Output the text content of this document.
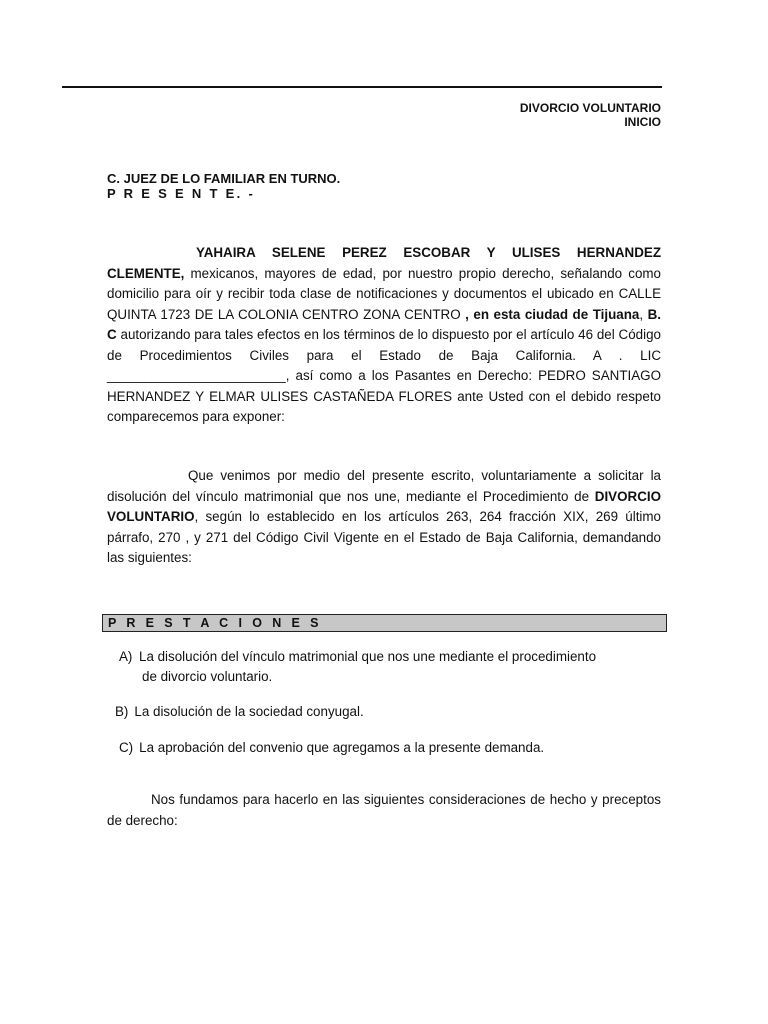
DIVORCIO VOLUNTARIO
INICIO
C. JUEZ DE LO FAMILIAR EN TURNO.
P R E S E N T E. -
YAHAIRA SELENE PEREZ ESCOBAR Y ULISES HERNANDEZ CLEMENTE, mexicanos, mayores de edad, por nuestro propio derecho, señalando como domicilio para oír y recibir toda clase de notificaciones y documentos el ubicado en CALLE QUINTA 1723 DE LA COLONIA CENTRO ZONA CENTRO , en esta ciudad de Tijuana, B. C autorizando para tales efectos en los términos de lo dispuesto por el artículo 46 del Código de Procedimientos Civiles para el Estado de Baja California. A . LIC ________________________, así como a los Pasantes en Derecho: PEDRO SANTIAGO HERNANDEZ Y ELMAR ULISES CASTAÑEDA FLORES ante Usted con el debido respeto comparecemos para exponer:
Que venimos por medio del presente escrito, voluntariamente a solicitar la disolución del vínculo matrimonial que nos une, mediante el Procedimiento de DIVORCIO VOLUNTARIO, según lo establecido en los artículos 263, 264 fracción XIX, 269 último párrafo, 270 , y 271 del Código Civil Vigente en el Estado de Baja California, demandando las siguientes:
P R E S T A C I O N E S
A) La disolución del vínculo matrimonial que nos une mediante el procedimiento
de divorcio voluntario.
B) La disolución de la sociedad conyugal.
C) La aprobación del convenio que agregamos a la presente demanda.
Nos fundamos para hacerlo en las siguientes consideraciones de hecho y preceptos de derecho:
